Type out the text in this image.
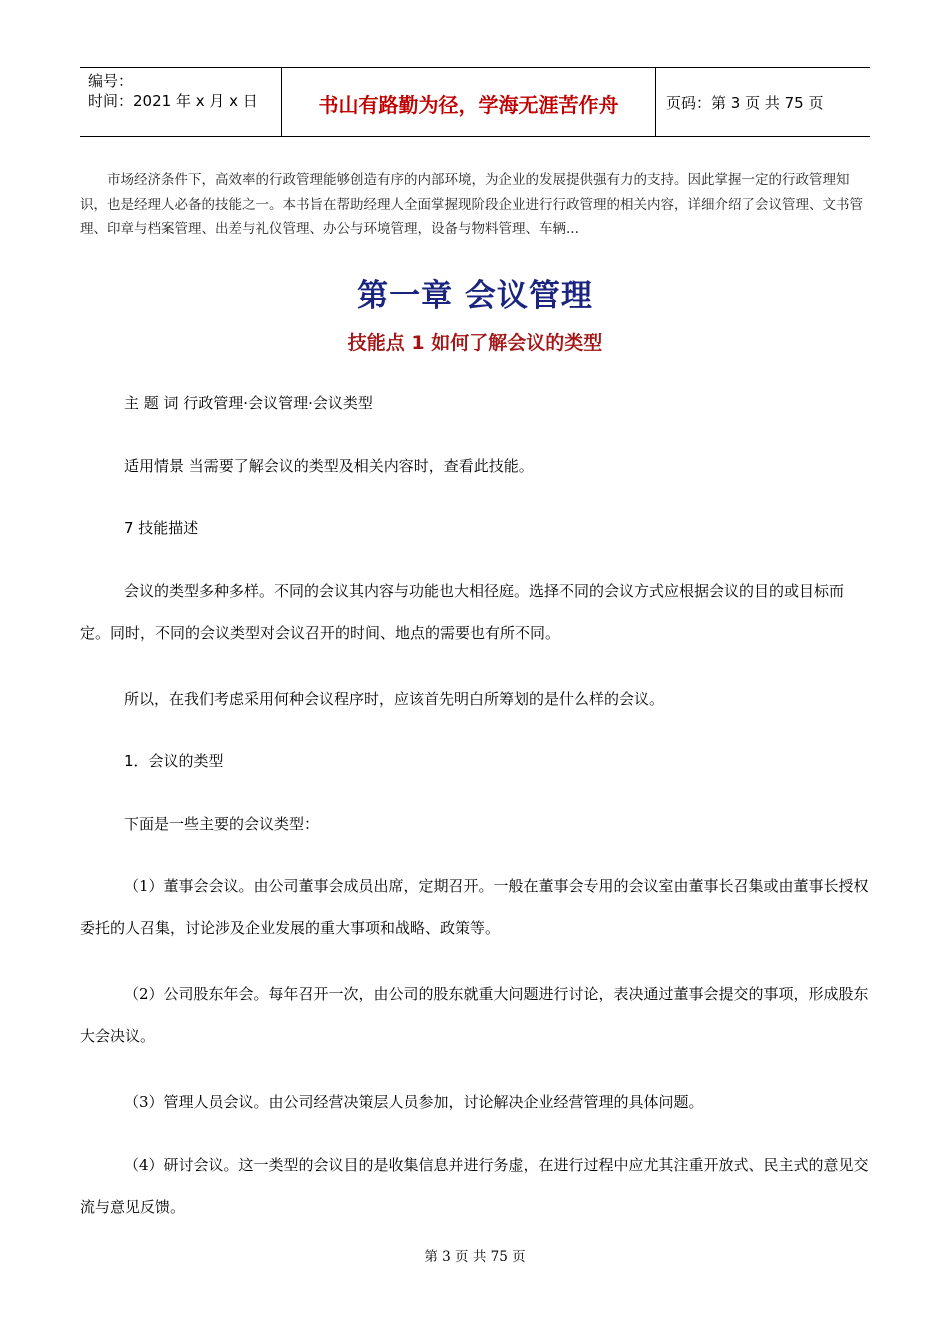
编号：
时间：2021 年 x 月 x 日	书山有路勤为径，学海无涯苦作舟	页码：第 3 页 共 75 页

市场经济条件下，高效率的行政管理能够创造有序的内部环境，为企业的发展提供强有力的支持。因此掌握一定的行政管理知识，也是经理人必备的技能之一。本书旨在帮助经理人全面掌握现阶段企业进行行政管理的相关内容，详细介绍了会议管理、文书管理、印章与档案管理、出差与礼仪管理、办公与环境管理，设备与物料管理、车辆...

第一章 会议管理
技能点 1 如何了解会议的类型

主 题 词 行政管理·会议管理·会议类型

适用情景 当需要了解会议的类型及相关内容时，查看此技能。

7 技能描述

会议的类型多种多样。不同的会议其内容与功能也大相径庭。选择不同的会议方式应根据会议的目的或目标而定。同时，不同的会议类型对会议召开的时间、地点的需要也有所不同。

所以，在我们考虑采用何种会议程序时，应该首先明白所筹划的是什么样的会议。

1．会议的类型

下面是一些主要的会议类型：

（1）董事会会议。由公司董事会成员出席，定期召开。一般在董事会专用的会议室由董事长召集或由董事长授权委托的人召集，讨论涉及企业发展的重大事项和战略、政策等。

（2）公司股东年会。每年召开一次，由公司的股东就重大问题进行讨论，表决通过董事会提交的事项，形成股东大会决议。

（3）管理人员会议。由公司经营决策层人员参加，讨论解决企业经营管理的具体问题。

（4）研讨会议。这一类型的会议目的是收集信息并进行务虚，在进行过程中应尤其注重开放式、民主式的意见交流与意见反馈。

第 3 页 共 75 页
